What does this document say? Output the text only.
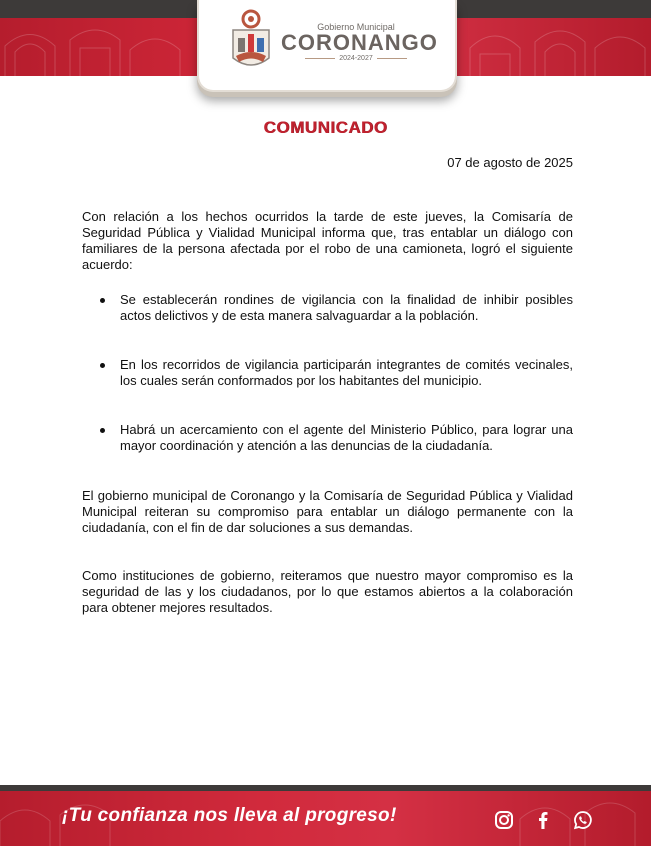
Gobierno Municipal
CORONANGO
2024-2027
COMUNICADO
07 de agosto de 2025

Con relación a los hechos ocurridos la tarde de este jueves, la Comisaría de Seguridad Pública y Vialidad Municipal informa que, tras entablar un diálogo con familiares de la persona afectada por el robo de una camioneta, logró el siguiente acuerdo:

Se establecerán rondines de vigilancia con la finalidad de inhibir posibles actos delictivos y de esta manera salvaguardar a la población.
En los recorridos de vigilancia participarán integrantes de comités vecinales, los cuales serán conformados por los habitantes del municipio.
Habrá un acercamiento con el agente del Ministerio Público, para lograr una mayor coordinación y atención a las denuncias de la ciudadanía.

El gobierno municipal de Coronango y la Comisaría de Seguridad Pública y Vialidad Municipal reiteran su compromiso para entablar un diálogo permanente con la ciudadanía, con el fin de dar soluciones a sus demandas.

Como instituciones de gobierno, reiteramos que nuestro mayor compromiso es la seguridad de las y los ciudadanos, por lo que estamos abiertos a la colaboración para obtener mejores resultados.

¡Tu confianza nos lleva al progreso!
